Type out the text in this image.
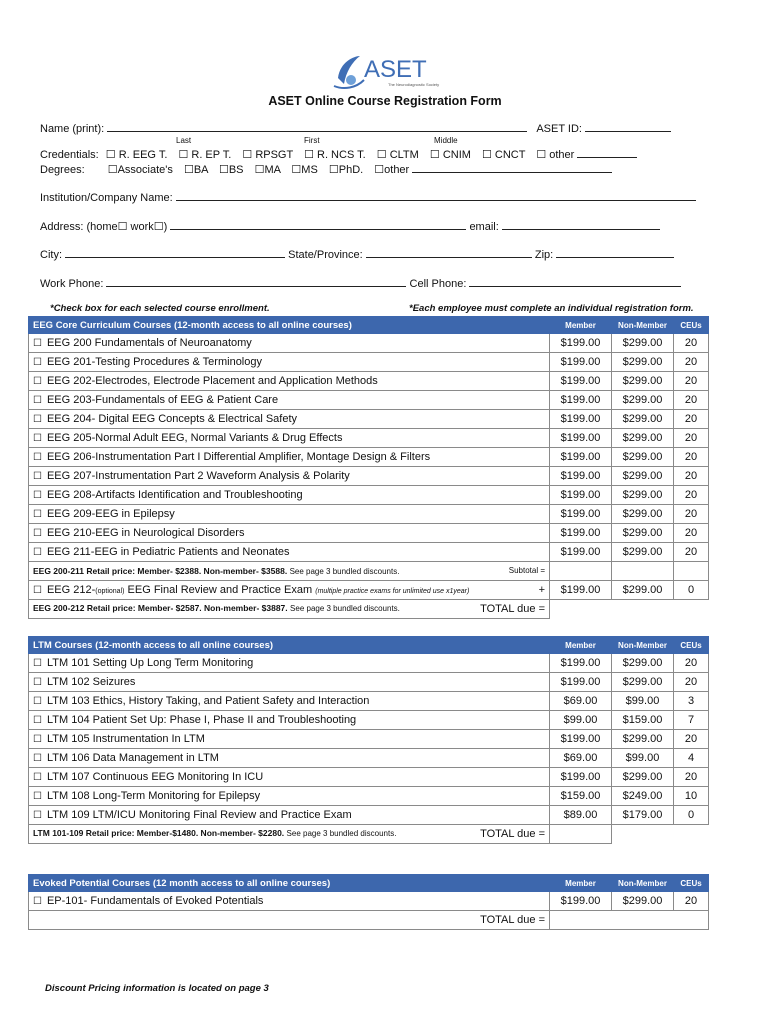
ASET
The Neurodiagnostic Society
ASET Online Course Registration Form
Name (print):	ASET ID:
Last	First	Middle
Credentials: ☐ R. EEG T. ☐ R. EP T. ☐ RPSGT ☐ R. NCS T. ☐ CLTM ☐ CNIM ☐ CNCT ☐ other
Degrees: ☐Associate's ☐BA ☐BS ☐MA ☐MS ☐PhD. ☐other
Institution/Company Name:
Address: (home☐ work☐)	email:
City:	State/Province:	Zip:
Work Phone:	Cell Phone:
*Check box for each selected course enrollment.	*Each employee must complete an individual registration form.
EEG Core Curriculum Courses (12-month access to all online courses)	Member	Non-Member	CEUs
☐ EEG 200 Fundamentals of Neuroanatomy	$199.00	$299.00	20
☐ EEG 201-Testing Procedures & Terminology	$199.00	$299.00	20
☐ EEG 202-Electrodes, Electrode Placement and Application Methods	$199.00	$299.00	20
☐ EEG 203-Fundamentals of EEG & Patient Care	$199.00	$299.00	20
☐ EEG 204- Digital EEG Concepts & Electrical Safety	$199.00	$299.00	20
☐ EEG 205-Normal Adult EEG, Normal Variants & Drug Effects	$199.00	$299.00	20
☐ EEG 206-Instrumentation Part I Differential Amplifier, Montage Design & Filters	$199.00	$299.00	20
☐ EEG 207-Instrumentation Part 2 Waveform Analysis & Polarity	$199.00	$299.00	20
☐ EEG 208-Artifacts Identification and Troubleshooting	$199.00	$299.00	20
☐ EEG 209-EEG in Epilepsy	$199.00	$299.00	20
☐ EEG 210-EEG in Neurological Disorders	$199.00	$299.00	20
☐ EEG 211-EEG in Pediatric Patients and Neonates	$199.00	$299.00	20
EEG 200-211 Retail price: Member- $2388. Non-member- $3588. See page 3 bundled discounts. Subtotal =			

☐ EEG 212-(optional) EEG Final Review and Practice Exam (multiple practice exams for unlimited use x1year) +	$199.00	$299.00	0
EEG 200-212 Retail price: Member- $2587. Non-member- $3887. See page 3 bundled discounts. TOTAL due =			

LTM Courses (12-month access to all online courses)	Member	Non-Member	CEUs
☐ LTM 101 Setting Up Long Term Monitoring	$199.00	$299.00	20
☐ LTM 102 Seizures	$199.00	$299.00	20
☐ LTM 103 Ethics, History Taking, and Patient Safety and Interaction	$69.00	$99.00	3
☐ LTM 104 Patient Set Up: Phase I, Phase II and Troubleshooting	$99.00	$159.00	7
☐ LTM 105 Instrumentation In LTM	$199.00	$299.00	20
☐ LTM 106 Data Management in LTM	$69.00	$99.00	4
☐ LTM 107 Continuous EEG Monitoring In ICU	$199.00	$299.00	20
☐ LTM 108 Long-Term Monitoring for Epilepsy	$159.00	$249.00	10
☐ LTM 109 LTM/ICU Monitoring Final Review and Practice Exam	$89.00	$179.00	0
LTM 101-109 Retail price: Member-$1480. Non-member- $2280. See page 3 bundled discounts. TOTAL due =			

Evoked Potential Courses (12 month access to all online courses)	Member	Non-Member	CEUs
☐ EP-101- Fundamentals of Evoked Potentials	$199.00	$299.00	20
TOTAL due =			
Discount Pricing information is located on page 3
